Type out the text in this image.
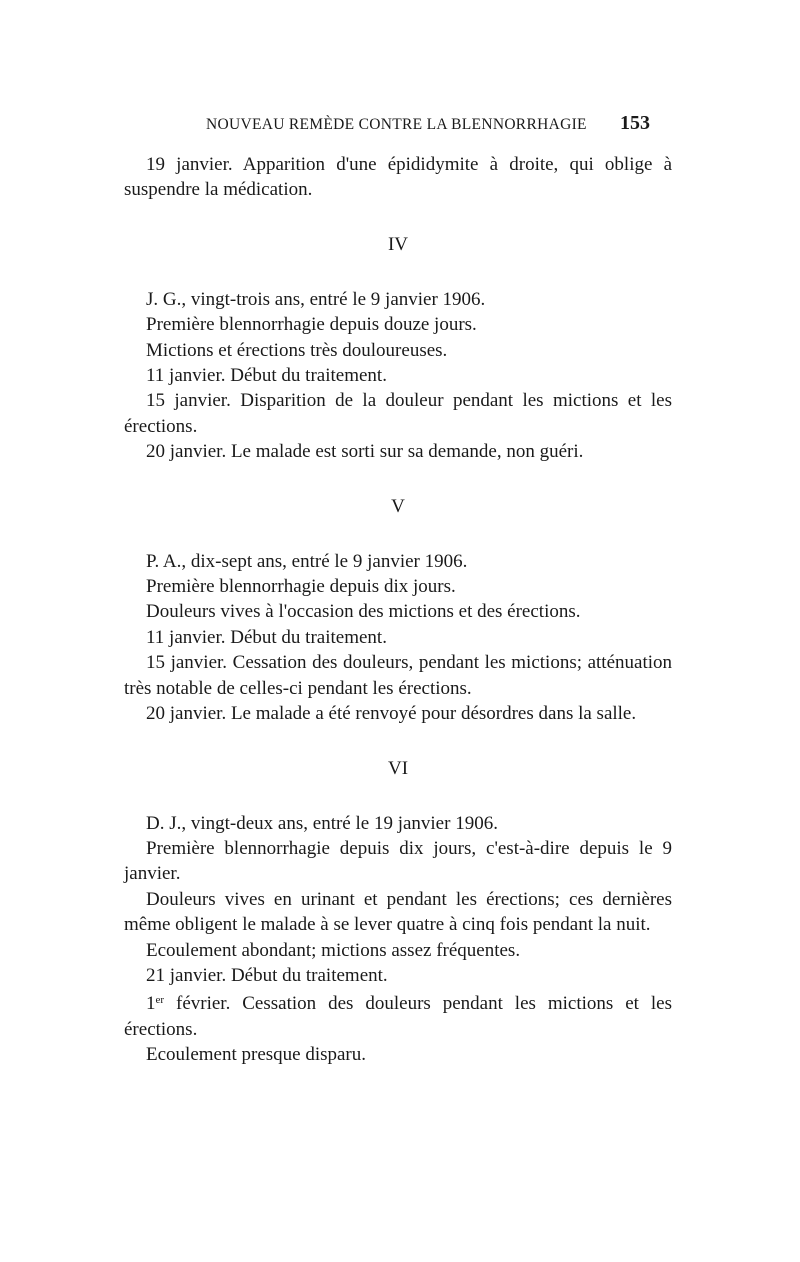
NOUVEAU REMÈDE CONTRE LA BLENNORRHAGIE	153

19 janvier. Apparition d'une épididymite à droite, qui oblige à suspendre la médication.

IV

J. G., vingt-trois ans, entré le 9 janvier 1906.

Première blennorrhagie depuis douze jours.

Mictions et érections très douloureuses.

11 janvier. Début du traitement.

15 janvier. Disparition de la douleur pendant les mictions et les érections.

20 janvier. Le malade est sorti sur sa demande, non guéri.

V

P. A., dix-sept ans, entré le 9 janvier 1906.

Première blennorrhagie depuis dix jours.

Douleurs vives à l'occasion des mictions et des érections.

11 janvier. Début du traitement.

15 janvier. Cessation des douleurs, pendant les mictions; atténuation très notable de celles-ci pendant les érections.

20 janvier. Le malade a été renvoyé pour désordres dans la salle.

VI

D. J., vingt-deux ans, entré le 19 janvier 1906.

Première blennorrhagie depuis dix jours, c'est-à-dire depuis le 9 janvier.

Douleurs vives en urinant et pendant les érections; ces dernières même obligent le malade à se lever quatre à cinq fois pendant la nuit.

Ecoulement abondant; mictions assez fréquentes.

21 janvier. Début du traitement.

1er février. Cessation des douleurs pendant les mictions et les érections.

Ecoulement presque disparu.
